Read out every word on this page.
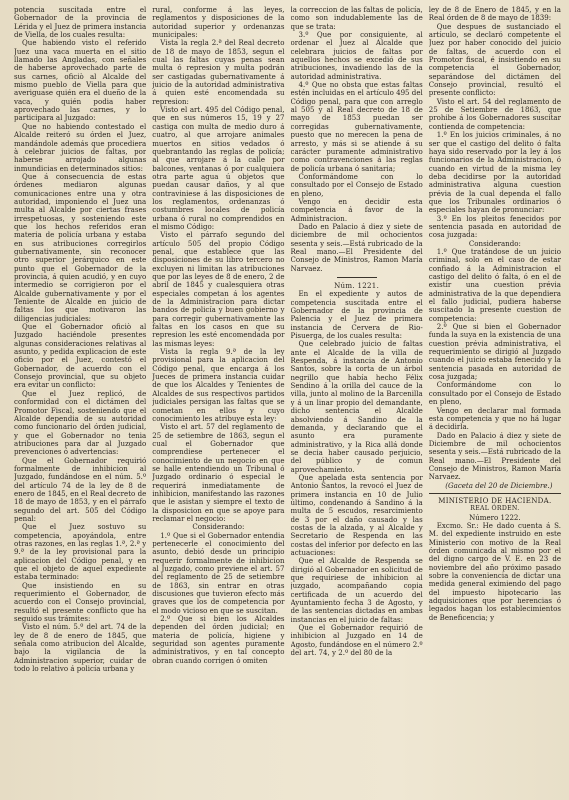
potencia suscitada entre el Gobernador de la provincia de Lérida y el Juez de primera instancia de Viella, de los cuales resulta:

Que habiendo visto el referido Juez una vaca muerta en el sitio llamado las Angladas, con señales de haberse aprovechado parte de sus carnes, oficiò al Alcalde del mismo pueblo de Viella para que averiguase quién era el dueño de la vaca, y quién podia haber aprovechado las carnes, y lo participara al Juzgado:

Que no habiendo contestado el Alcalde reiteró su órden el Juez, mandándole además que procediera à celebrar juicios de faltas, por haberse arrojado algunas inmundicias en determinados sitios:

Que á consecuencia de estas órdenes mediaron algunas comunicaciones entre una y otra autoridad, imponiendo el Juez una multa al Alcalde por ciertas frases irrespetuosas, y sosteniendo este que los hechos referidos eran materia de policía urbana y estaba en sus atribuciones corregirlos gubernativamente, sin reconocer otro superior jerárquico en este punto que el Gobernador de la provincia, á quien acudió, y en cuyo intermedio se corrigieron por el Alcalde gubernativamente y por el Teniente de Alcalde en juicio de faltas los que motivaron las diligencias judiciales:

Que el Gobernador oficiò al Juzgado haciéndole presentes algunas consideraciones relativas al asunto, y pedida explicacion de este oficio por el Juez, contestó el Gobernador, de acuerdo con el Consejo provincial, que su objeto era evitar un conflicto:

Que el Juez replicó, de conformidad con el dictámen del Promotor Fiscal, sosteniendo que el Alcalde dependia de su autoridad como funcionario del órden judicial, y que el Gobernador no tenia atribuciones para dar al Juzgado prevenciones ó advertencias:

Que el Gobernador requirió formalmente de inhibicion al Juzgado, fundándose en el núm. 5.º del artículo 74 de la ley de 8 de enero de 1845, en el Real decreto de 18 de mayo de 1853, y en el párrafo segundo del art. 505 del Código penal:

Que el Juez sostuvo su competencia, apoyándola, entre otras razones, en las reglas 1.ª, 2.ª y 9.ª de la ley provisional para la aplicacion del Código penal, y en que el objeto de aquel expediente estaba terminado:

Que insistiendo en su requerimiento el Gobernador, de acuerdo con el Consejo provincial, resultó el presente conflicto que ha seguido sus trámites:

Visto el núm. 5.º del art. 74 de la ley de 8 de enero de 1845, que señala como atribucion del Alcalde, bajo la vigilancia de la Administracion superior, cuidar de todo lo relativo á policía urbana y

rural, conforme á las leyes, reglamentos y disposiciones de la autoridad superior y ordenanzas municipales:

Vista la regla 2.ª del Real decreto de 18 de mayo de 1853, segun el cual las faltas cuyas penas sean multa ó represion y multa podrán ser castigadas gubernativamente á juicio de la autoridad administrativa á quien esté encomendada su represion:

Visto el art. 495 del Código penal, que en sus números 15, 19 y 27 castiga con multa de medio duro á cuatro, al que arrojare animales muertos en sitios vedados ó quebrantando las reglas de policía; al que arrojare á la calle por balcones, ventanas ó por cualquiera otra parte agua ú objetos que puedan causar daños, y al que contraviniese á las disposiciones de los reglamentos, ordenanzas ó costumbres locales de policía urbana ó rural no comprendidos en el mismo Código:

Visto el párrafo segundo del artículo 505 del propio Código penal, que establece que las disposiciones de su libro tercero no excluyen ni limitan las atribuciones que por las leyes de 8 de enero, 2 de abril de 1845 y cualesquiera otras especiales competan á los agentes de la Administracion para dictar bandos de policía y buen gobierno y para corregir gubernativamente las faltas en los casos en que su represion les esté encomendada por las mismas leyes:

Vista la regla 9.ª de la ley provisional para la aplicacion del Código penal, que encarga á los Jueces de primera instancia cuidar de que los Alcaldes y Tenientes de Alcaldes de sus respectivos partidos judiciales persigan las faltas que se cometan en ellos y cuyo conocimiento les atribuye esta ley:

Visto el art. 57 del reglamento de 25 de setiembre de 1863, segun el cual el Gobernador que comprendiese pertenecer el conocimiento de un negocio en que se halle entendiendo un Tribunal ó Juzgado ordinario ó especial le requerirá inmediatamente de inhibicion, manifestando las razones que le asistan y siempre el texto de la disposicion en que se apoye para reclamar el negocio:

Considerando:

1.º Que si el Gobernador entendia pertenecerle el conocimiento del asunto, debió desde un principio requerir formalmente de inhibicion al Juzgado, como previene el art. 57 del reglamento de 25 de setiembre de 1863, sin entrar en otras discusiones que tuvieron efecto más graves que los de competencia por el modo vicioso en que se suscitan.

2.º Que si bien los Alcaldes dependen del órden judicial; en materia de policía, higiene y seguridad son agentes puramente administrativos, y en tal concepto obran cuando corrigen ó omiten

la correccion de las faltas de policía, como son indudablemente las de que se trata:

3.º Que por consiguiente, al ordenar el Juez al Alcalde que celebrara juicios de faltas por aquellos hechos se excedió de sus atribuciones, invadiendo las de la autoridad administrativa.

4.º Que no obsta que estas faltas estén incluidas en el artículo 495 del Código penal, para que con arreglo al 505 y al Real decreto de 18 de mayo de 1853 puedan ser corregidas gubernativamente, puesto que no merecen la pena de arresto, y más si se atiende á su carácter puramente administrativo como contravenciones á las reglas de policía urbana ó sanitaria;

Conformándome con lo consultado por el Consejo de Estado en pleno,

Vengo en decidir esta competencia á favor de la Administracion.

Dado en Palacio á diez y siete de diciembre de mil ochocientos sesenta y seis.—Está rubricado de la Real mano.—El Presidente del Consejo de Ministros, Ramon María Narvaez.

Núm. 1221.

En el expediente y autos de competencia suscitada entre el Gobernador de la provincia de Palencia y el Juez de primera instancia de Cervera de Rio-Pisuerga, de los cuales resulta:

Que celebrado juicio de faltas ante el Alcalde de la villa de Respenda, á instancia de Antonio Santos, sobre la corta de un árbol negrillo que había hecho Félix Sendino á la orilla del cauce de la villa, junto al molino de la Barcenilla y á un linar propio del demandante, dicho sentencia el Alcalde absolviendo á Sandino de la demanda, y declarando que el asunto era puramente administrativo, y la Rica allá donde se decia haber causado perjuicio, del público y de comun aprovechamiento.

Que apelada esta sentencia por Antonio Santos, la revocó el Juez de primera instancia en 10 de Julio último, condenando á Sandino á la multa de 5 escudos, resarcimiento de 3 por el daño causado y las costas de la alzada, y al Alcalde y Secretario de Respenda en las costas del inferior por defecto en las actuaciones:

Que el Alcalde de Respenda se dirigió al Gobernador en solicitud de que requiriese de inhibicion al juzgado, acompañando copia certificada de un acuerdo del Ayuntamiento fecha 3 de Agosto, y de las sentencias dictadas en ambas instancias en el juicio de faltas:

Que el Gobernador requirió de inhibicion al Juzgado en 14 de Agosto, fundándose en el número 2.º del art. 74, y 2.º del 80 de la

ley de 8 de Enero de 1845, y en la Real órden de 8 de mayo de 1839:

Que despues de sustanciado el artículo, se declaró competente el Juez por haber conocido del juicio de faltas, de acuerdo con el Promotor fiscal, é insistiendo en su competencia el Gobernador, separándose del dictámen del Consejo provincial, resultó el presente conflicto:

Visto el art. 54 del reglamento de 25 de Setiembre de 1863, que prohibe á los Gobernadores suscitar contienda de competencia:

1.º En los juicios criminales, á no ser que el castigo del delito ó falta haya sido reservado por la ley á los funcionarios de la Administracion, ó cuando en virtud de la misma ley deba decidirse por la autoridad administrativa alguna cuestion prévia de la cual dependa el fallo que los Tribunales ordinarios ó especiales hayan de pronunciar:

3.º En los pleitos fenecidos por sentencia pasada en autoridad de cosa juzgada:

Considerando:

1.º Que tratándose de un juicio criminal, solo en el caso de estar confiado á la Administracion el castigo del delito ó falta, ó en el de existir una cuestion prévia administrativa de la que dependiera el fallo judicial, pudiera haberse suscitado la presente cuestion de competencia:

2.º Que si bien el Gobernador funda la suya en la existencia de una cuestion prévia administrativa, el requerimiento se dirigió al Juzgado cuando el juicio estaba fenecido y la sentencia pasada en autoridad de cosa juzgada;

Conformándome con lo consultado por el Consejo de Estado en pleno,

Vengo en declarar mal formada esta competencia y que no há lugar á decidirla.

Dado en Palacio á diez y siete de Diciembre de mil ochocientos sesenta y seis.—Está rubricado de la Real mano.—El Presidente del Consejo de Ministros, Ramon María Narvaez.

(Gaceta del 20 de Diciembre.)

MINISTERIO DE HACIENDA.

REAL ÓRDEN.

Número 1222.

Excmo. Sr.: He dado cuenta á S. M. del expediente instruido en este Ministerio con motivo de la Real órden comunicada al mismo por el del digno cargo de V. E. en 23 de noviembre del año próximo pasado sobre la conveniencia de dictar una medida general eximiendo del pago del impuesto hipotecario las adquisiciones que por herencias ó legados hagan los establecimientos de Beneficencia; y
